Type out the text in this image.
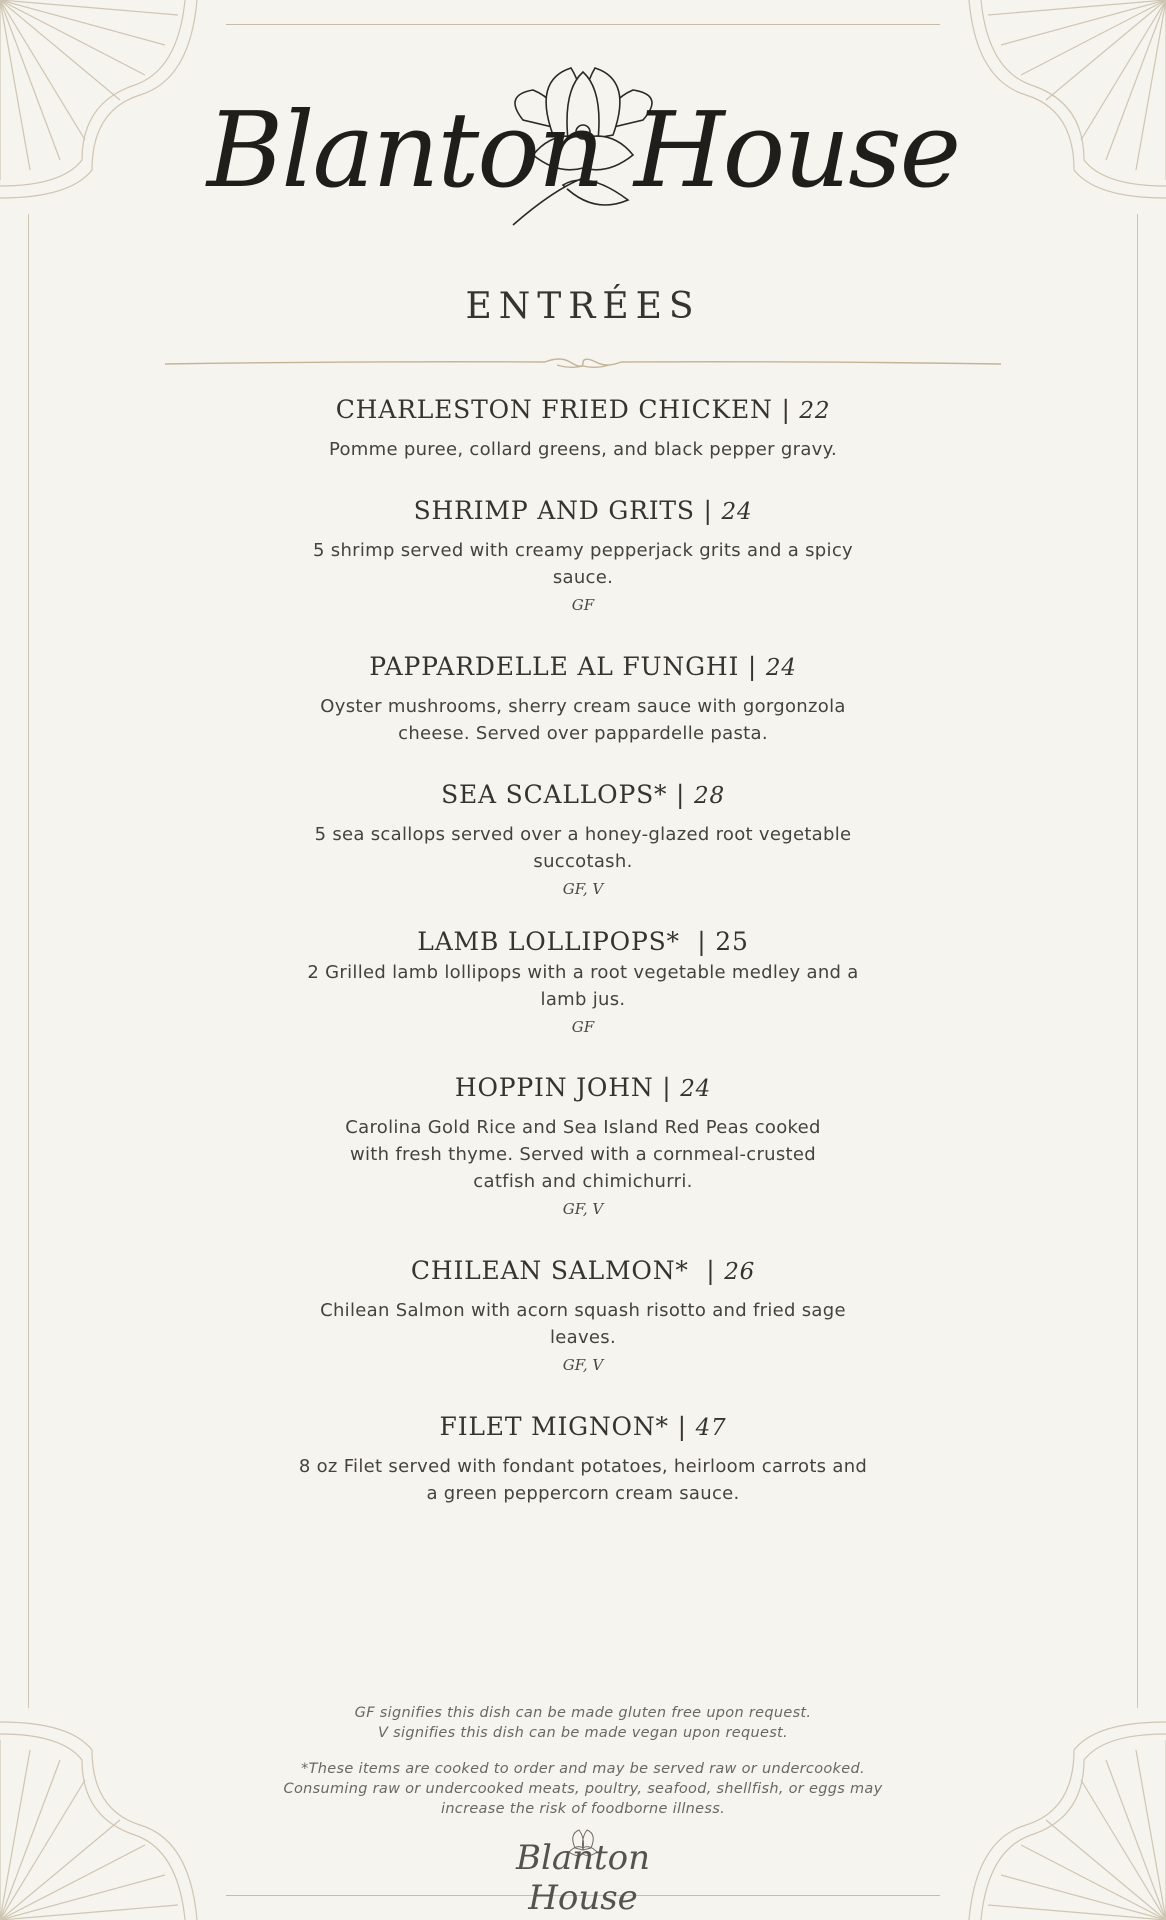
Blanton House
ENTRÉES
CHARLESTON FRIED CHICKEN | 22
Pomme puree, collard greens, and black pepper gravy.
SHRIMP AND GRITS | 24
5 shrimp served with creamy pepperjack grits and a spicy sauce.
GF
PAPPARDELLE AL FUNGHI | 24
Oyster mushrooms, sherry cream sauce with gorgonzola cheese. Served over pappardelle pasta.
SEA SCALLOPS* | 28
5 sea scallops served over a honey-glazed root vegetable succotash.
GF, V
LAMB LOLLIPOPS*  | 25
2 Grilled lamb lollipops with a root vegetable medley and a lamb jus.
GF
HOPPIN JOHN | 24
Carolina Gold Rice and Sea Island Red Peas cooked with fresh thyme. Served with a cornmeal-crusted catfish and chimichurri.
GF, V
CHILEAN SALMON*  | 26
Chilean Salmon with acorn squash risotto and fried sage leaves.
GF, V
FILET MIGNON* | 47
8 oz Filet served with fondant potatoes, heirloom carrots and a green peppercorn cream sauce.
GF signifies this dish can be made gluten free upon request.
V signifies this dish can be made vegan upon request.
*These items are cooked to order and may be served raw or undercooked.
Consuming raw or undercooked meats, poultry, seafood, shellfish, or eggs may
increase the risk of foodborne illness.
Blanton House
